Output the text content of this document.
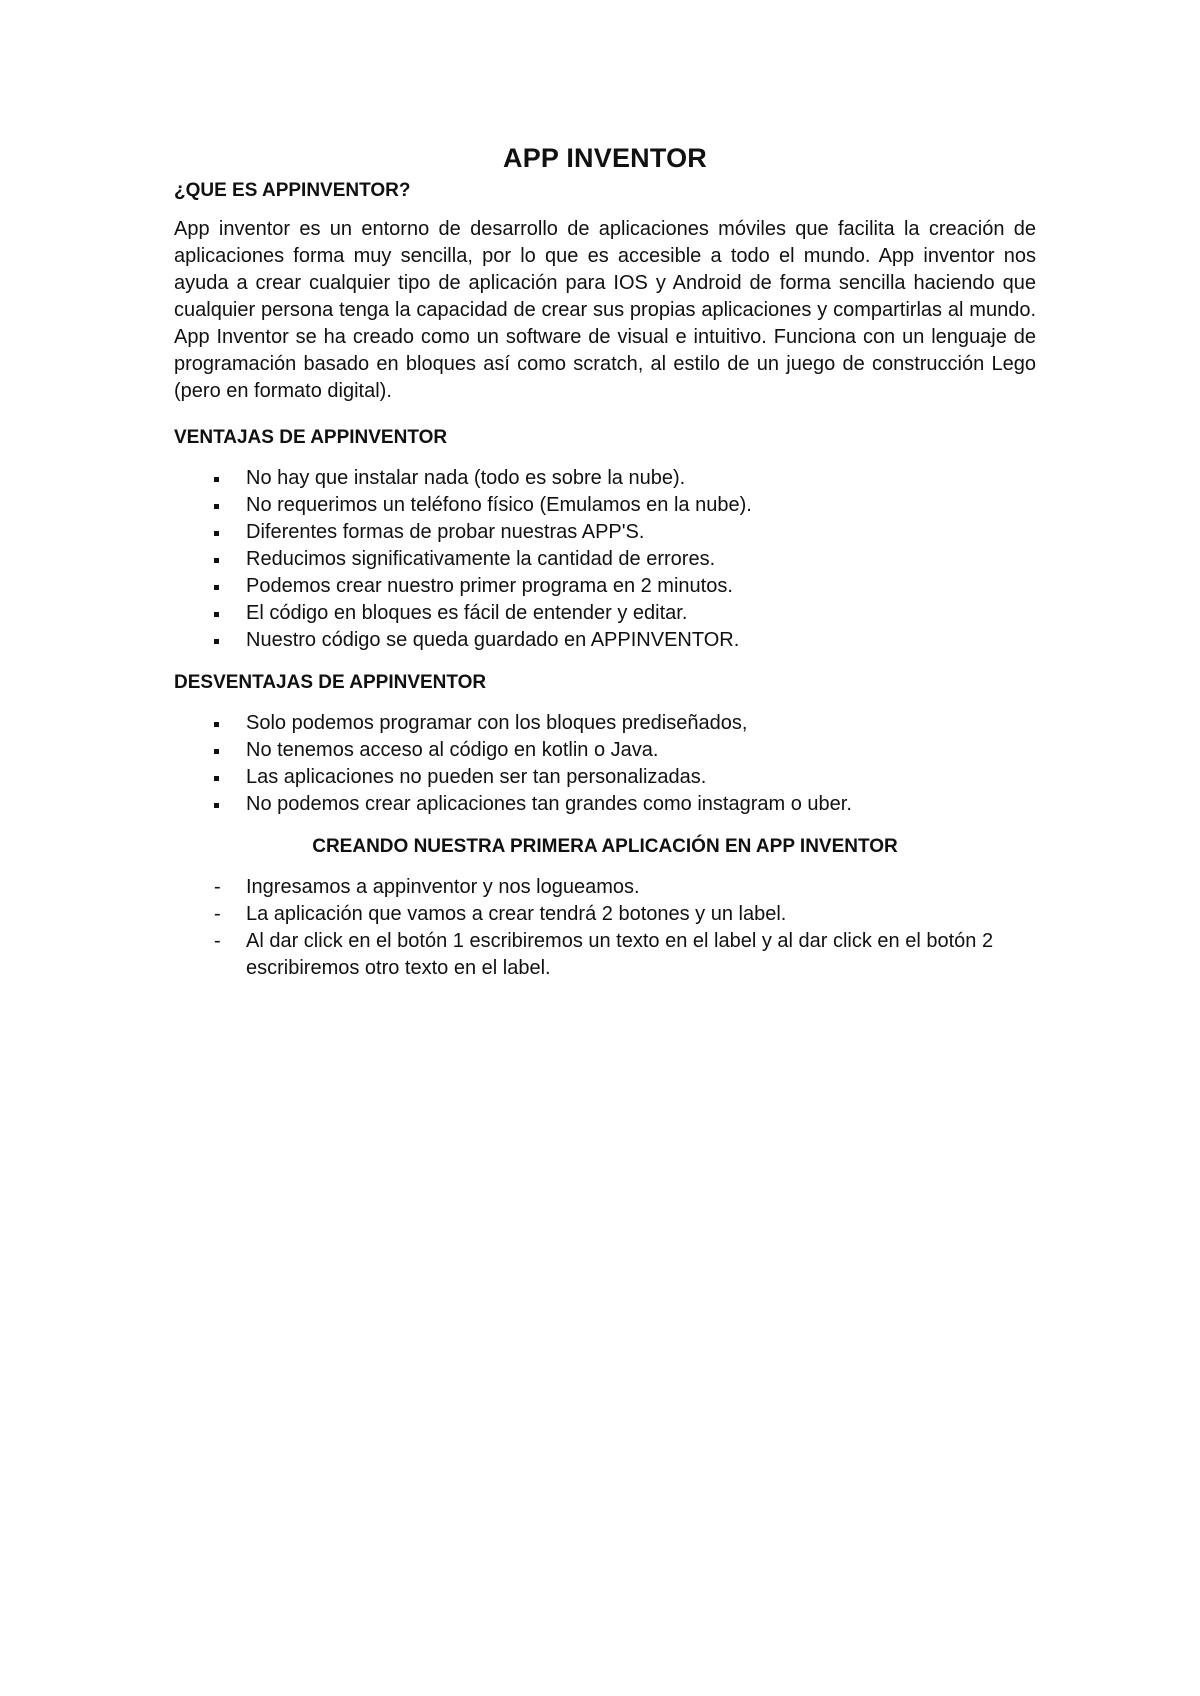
APP INVENTOR
¿QUE ES APPINVENTOR?

App inventor es un entorno de desarrollo de aplicaciones móviles que facilita la creación de aplicaciones forma muy sencilla, por lo que es accesible a todo el mundo. App inventor nos ayuda a crear cualquier tipo de aplicación para IOS y Android de forma sencilla haciendo que cualquier persona tenga la capacidad de crear sus propias aplicaciones y compartirlas al mundo. App Inventor se ha creado como un software de visual e intuitivo. Funciona con un lenguaje de programación basado en bloques así como scratch, al estilo de un juego de construcción Lego (pero en formato digital).

VENTAJAS DE APPINVENTOR
No hay que instalar nada (todo es sobre la nube).
No requerimos un teléfono físico (Emulamos en la nube).
Diferentes formas de probar nuestras APP'S.
Reducimos significativamente la cantidad de errores.
Podemos crear nuestro primer programa en 2 minutos.
El código en bloques es fácil de entender y editar.
Nuestro código se queda guardado en APPINVENTOR.
DESVENTAJAS DE APPINVENTOR
Solo podemos programar con los bloques prediseñados,
No tenemos acceso al código en kotlin o Java.
Las aplicaciones no pueden ser tan personalizadas.
No podemos crear aplicaciones tan grandes como instagram o uber.
CREANDO NUESTRA PRIMERA APLICACIÓN EN APP INVENTOR
- Ingresamos a appinventor y nos logueamos.
- La aplicación que vamos a crear tendrá 2 botones y un label.
- Al dar click en el botón 1 escribiremos un texto en el label y al dar click en el botón 2 escribiremos otro texto en el label.
